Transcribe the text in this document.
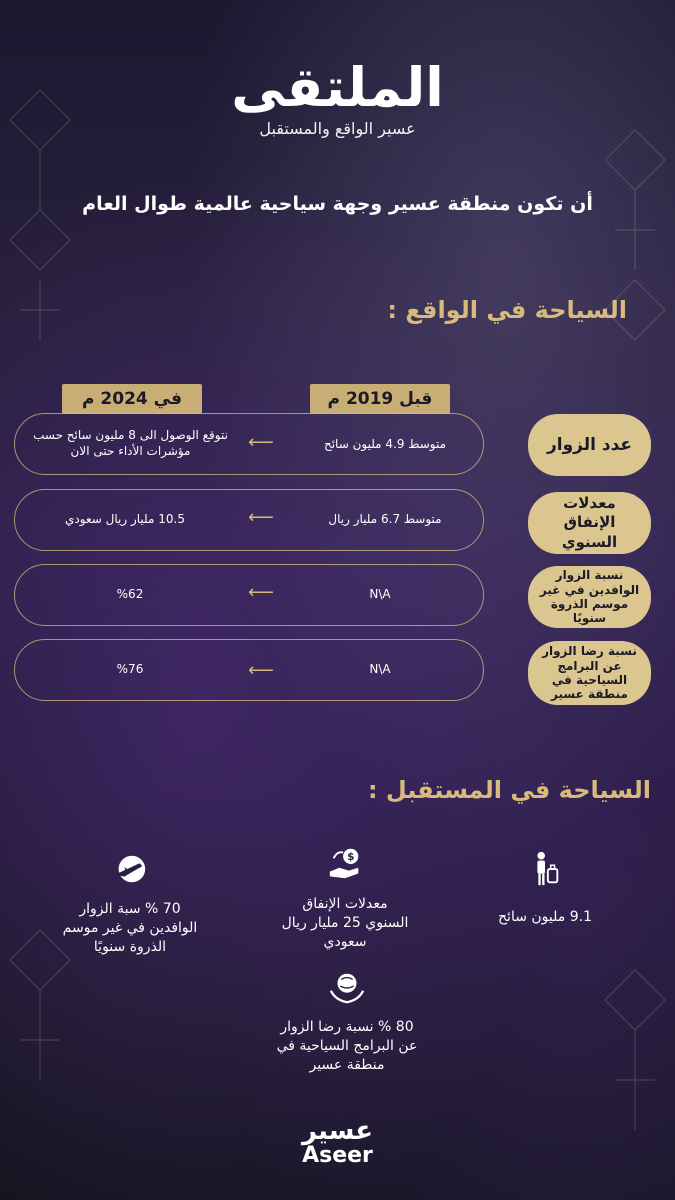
الملتقى
عسير الواقع والمستقبل
أن تكون منطقة عسير وجهة سياحية عالمية طوال العام
السياحة في الواقع :
قبل 2019 م
في 2024 م
متوسط 4.9 مليون سائح
⟵
نتوقع الوصول الى 8 مليون سائح حسب مؤشرات الأداء حتى الان	عدد الزوار
متوسط 6.7 مليار ريال
⟵
10.5 مليار ريال سعودي
معدلات الإنفاق السنوي
N\A
⟵
%62
نسبة الزوار الوافدين في غير موسم الذروة سنويًا
N\A
⟵
%76
نسبة رضا الزوار عن البرامج السياحية في منطقة عسير
السياحة في المستقبل :
9.1 مليون سائح
$
معدلات الإنفاق السنوي 25 مليار ريال سعودي
70 % سبة الزوار الوافدين في غير موسم الذروة سنويًا
80 % نسبة رضا الزوار عن البرامج السياحية في منطقة عسير
عسير
Aseer
